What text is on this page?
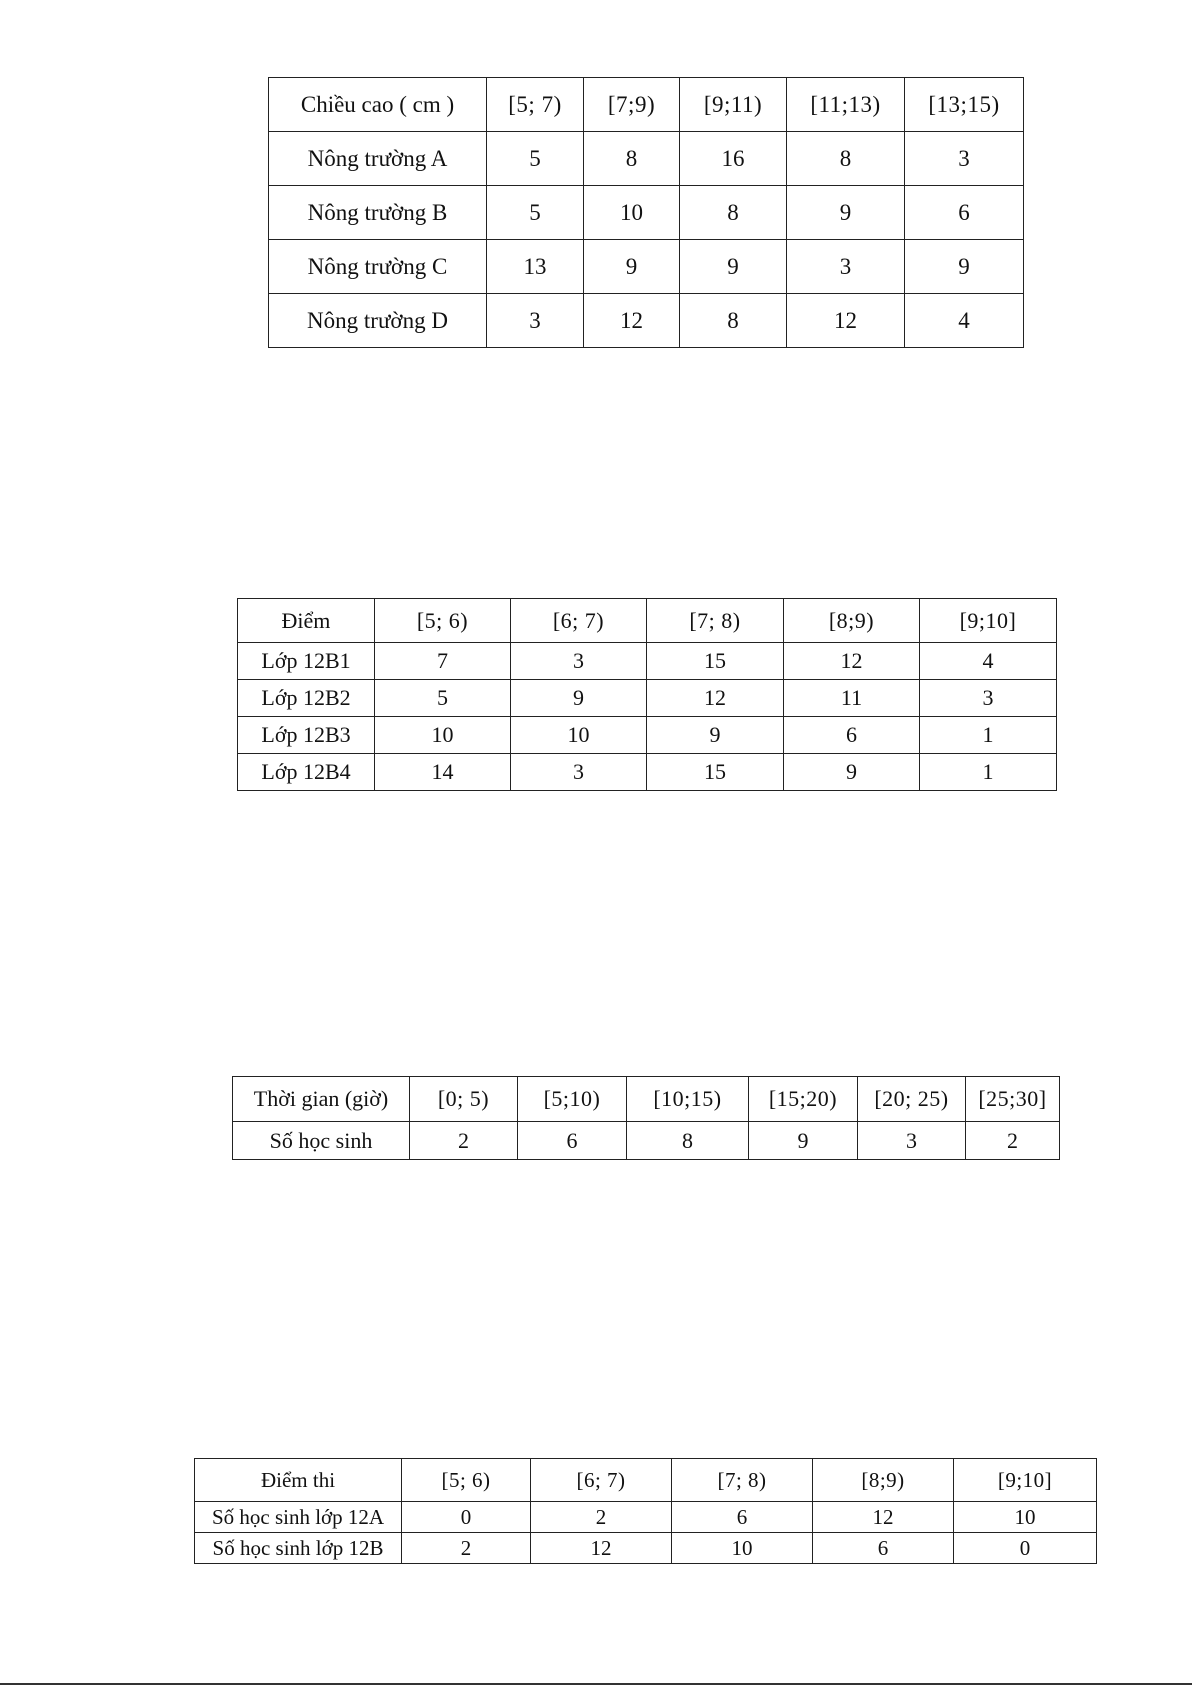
Chiều cao ( cm )	[5; 7)	[7;9)	[9;11)	[11;13)	[13;15)
Nông trường A	5	8	16	8	3
Nông trường B	5	10	8	9	6
Nông trường C	13	9	9	3	9
Nông trường D	3	12	8	12	4
Điểm	[5; 6)	[6; 7)	[7; 8)	[8;9)	[9;10]
Lớp 12B1	7	3	15	12	4
Lớp 12B2	5	9	12	11	3
Lớp 12B3	10	10	9	6	1
Lớp 12B4	14	3	15	9	1
Thời gian (giờ)	[0; 5)	[5;10)	[10;15)	[15;20)	[20; 25)	[25;30]
Số học sinh	2	6	8	9	3	2
Điểm thi	[5; 6)	[6; 7)	[7; 8)	[8;9)	[9;10]
Số học sinh lớp 12A	0	2	6	12	10
Số học sinh lớp 12B	2	12	10	6	0
